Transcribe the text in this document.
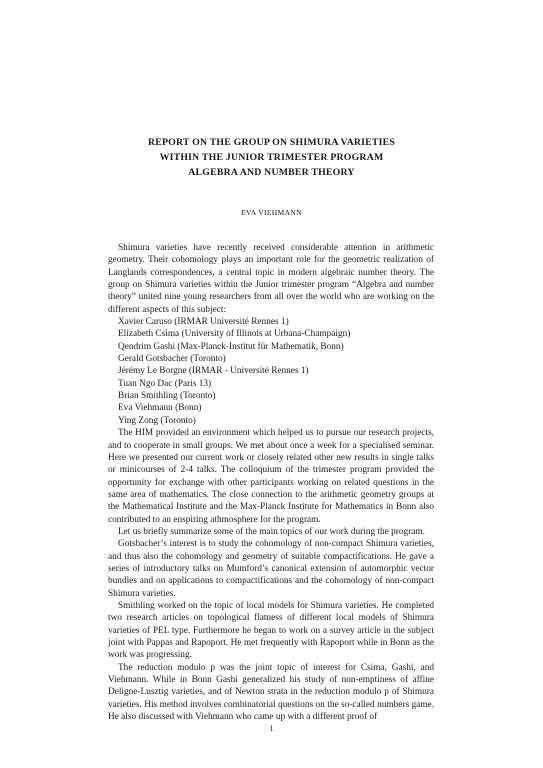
REPORT ON THE GROUP ON SHIMURA VARIETIES
WITHIN THE JUNIOR TRIMESTER PROGRAM
ALGEBRA AND NUMBER THEORY
EVA VIEHMANN

Shimura varieties have recently received considerable attention in arithmetic geometry. Their cohomology plays an important role for the geometric realization of Langlands correspondences, a central topic in modern algebraic number theory. The group on Shimura varieties within the Junior trimester program “Algebra and number theory” united nine young researchers from all over the world who are working on the different aspects of this subject:

Xavier Caruso (IRMAR Université Rennes 1)
Elizabeth Csima (University of Illinois at Urbana-Champaign)
Qendrim Gashi (Max-Planck-Institut für Mathematik, Bonn)
Gerald Gotsbacher (Toronto)
Jérémy Le Borgne (IRMAR - Université Rennes 1)
Tuan Ngo Dac (Paris 13)
Brian Smithling (Toronto)
Eva Viehmann (Bonn)
Ying Zong (Toronto)

The HIM provided an environment which helped us to pursue our research projects, and to cooperate in small groups. We met about once a week for a specialised seminar. Here we presented our current work or closely related other new results in single talks or minicourses of 2-4 talks. The colloquium of the trimester program provided the opportunity for exchange with other participants working on related questions in the same area of mathematics. The close connection to the arithmetic geometry groups at the Mathematical Institute and the Max-Planck Institute for Mathematics in Bonn also contributed to an enspiring athmosphere for the program.

Let us briefly summarize some of the main topics of our work during the program.

Gotsbacher’s interest is to study the cohomology of non-compact Shimura varieties, and thus also the cohomology and geometry of suitable compactifications. He gave a series of introductory talks on Mumford’s canonical extension of automorphic vector bundles and on applications to compactifications and the cohomology of non-compact Shimura varieties.

Smithling worked on the topic of local models for Shimura varieties. He completed two research articles on topological flatness of different local models of Shimura varieties of PEL type. Furthermore he began to work on a survey article in the subject joint with Pappas and Rapoport. He met frequently with Rapoport while in Bonn as the work was progressing.

The reduction modulo p was the joint topic of interest for Csima, Gashi, and Viehmann. While in Bonn Gashi generalized his study of non-emptiness of affine Deligne-Lusztig varieties, and of Newton strata in the reduction modulo p of Shimura varieties. His method involves combinatorial questions on the so-called numbers game. He also discussed with Viehmann who came up with a different proof of

1
